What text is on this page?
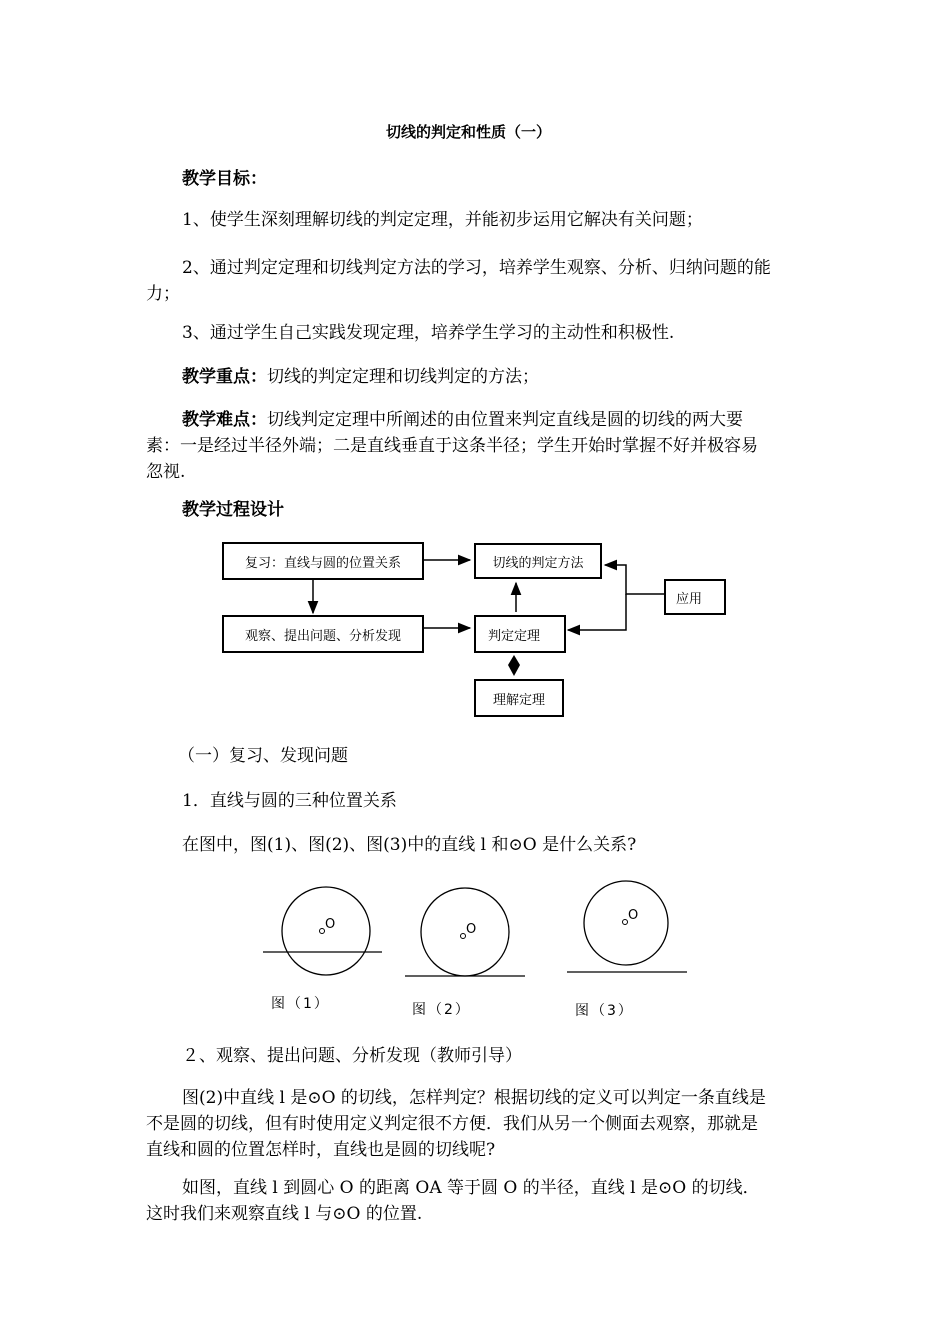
切线的判定和性质（一）
教学目标：
1、使学生深刻理解切线的判定定理，并能初步运用它解决有关问题；
2、通过判定定理和切线判定方法的学习，培养学生观察、分析、归纳问题的能力；
3、通过学生自己实践发现定理，培养学生学习的主动性和积极性.
教学重点：切线的判定定理和切线判定的方法；
教学难点：切线判定定理中所阐述的由位置来判定直线是圆的切线的两大要素：一是经过半径外端；二是直线垂直于这条半径；学生开始时掌握不好并极容易忽视.
教学过程设计
复习：直线与圆的位置关系	切线的判定方法
应用
观察、提出问题、分析发现	判定定理
理解定理
（一）复习、发现问题
1．直线与圆的三种位置关系
在图中，图(1)、图(2)、图(3)中的直线 l 和⊙O 是什么关系?
O	O
O
图（1）	图（2）	图（3）
２、观察、提出问题、分析发现（教师引导）
图(2)中直线 l 是⊙O 的切线，怎样判定？根据切线的定义可以判定一条直线是不是圆的切线，但有时使用定义判定很不方便．我们从另一个侧面去观察，那就是直线和圆的位置怎样时，直线也是圆的切线呢?
如图，直线 l 到圆心 O 的距离 OA 等于圆 O 的半径，直线 l 是⊙O 的切线．这时我们来观察直线 l 与⊙O 的位置.
